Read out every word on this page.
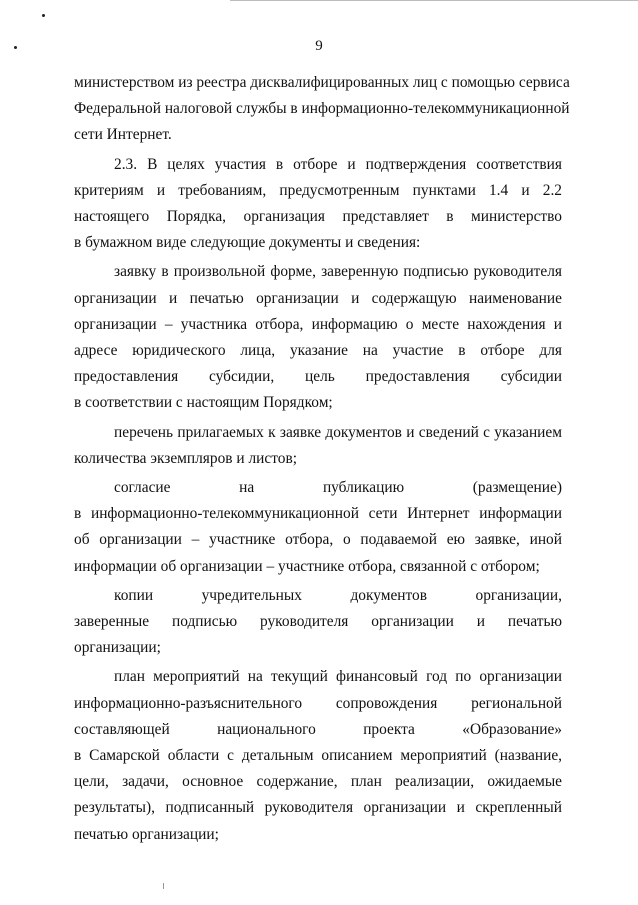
9

министерством из реестра дисквалифицированных лиц с помощью сервиса
Федеральной налоговой службы в информационно-телекоммуникационной
сети Интернет.

2.3. В целях участия в отборе и подтверждения соответствия
критериям и требованиям, предусмотренным пунктами 1.4 и 2.2
настоящего Порядка, организация представляет в министерство
в бумажном виде следующие документы и сведения:

заявку в произвольной форме, заверенную подписью руководителя
организации и печатью организации и содержащую наименование
организации – участника отбора, информацию о месте нахождения и
адресе юридического лица, указание на участие в отборе для
предоставления субсидии, цель предоставления субсидии
в соответствии с настоящим Порядком;

перечень прилагаемых к заявке документов и сведений с указанием
количества экземпляров и листов;

согласие на публикацию (размещение)
в информационно-телекоммуникационной сети Интернет информации
об организации – участнике отбора, о подаваемой ею заявке, иной
информации об организации – участнике отбора, связанной с отбором;

копии учредительных документов организации,
заверенные подписью руководителя организации и печатью
организации;

план мероприятий на текущий финансовый год по организации
информационно-разъяснительного сопровождения региональной
составляющей национального проекта «Образование»
в Самарской области с детальным описанием мероприятий (название,
цели, задачи, основное содержание, план реализации, ожидаемые
результаты), подписанный руководителя организации и скрепленный
печатью организации;
